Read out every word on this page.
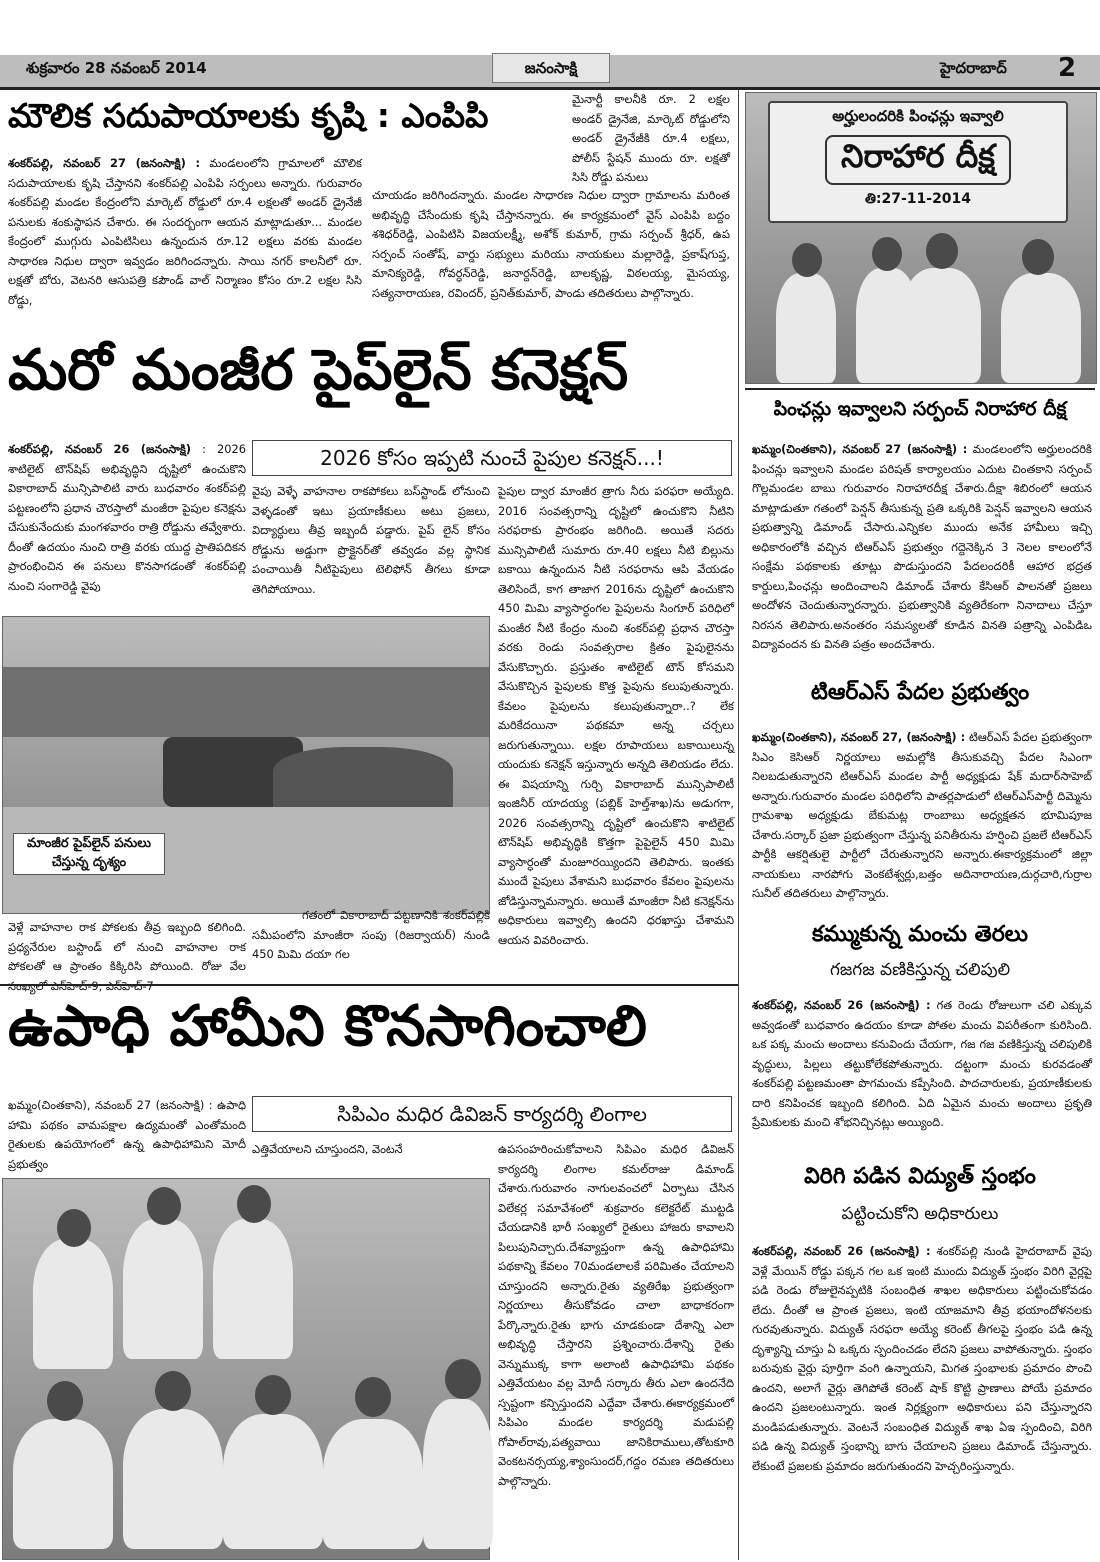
శుక్రవారం 28 నవంబర్ 2014	జనంసాక్షి	హైదరాబాద్ 2
మౌలిక సదుపాయాలకు కృషి : ఎంపిపి
శంకర్‌పల్లి, నవంబర్ 27 (జనంసాక్షి) : మండలంలోని గ్రామాలలో మౌలిక సదుపాయాలకు కృషి చేస్తానని శంకర్‌పల్లి ఎంపిపి సర్పంలు అన్నారు. గురువారం శంకర్‌పల్లి మండల కేంద్రంలోని మార్కెట్ రోడ్డులో రూ.4 లక్షలతో అండర్ డ్రైనేజీ పనులకు శంకుస్థాపన చేశారు. ఈ సందర్బంగా ఆయన మాట్లాడుతూ... మండల కేంద్రంలో ముగ్గురు ఎంపిటిసిలు ఉన్నందున రూ.12 లక్షలు వరకు మండల సాధారణ నిధుల ద్వారా ఇవ్వడం జరిగిందన్నారు. సాయి నగర్ కాలనీలో రూ. లక్షతో బోరు, వెటనరి ఆసుపత్రి కపౌండ్ వాల్ నిర్మాణం కోసం రూ.2 లక్షల సిసి రోడ్డు,
మైనార్టీ కాలనీకి రూ. 2 లక్షల అండర్ డ్రైనేజి, మార్కెట్ రోడ్డులోని అండర్ డ్రైనేజీకి రూ.4 లక్షలు, పోలీస్ స్టేషన్ ముందు రూ. లక్షతో సిసి రోడ్డు పనులు
చూయడం జరిగిందన్నారు. మండల సాధారణ నిధుల ద్వారా గ్రామాలను మరింత అభివృద్ధి చేసేందుకు కృషి చేస్తానన్నారు. ఈ కార్యక్రమంలో వైస్ ఎంపిపి బద్దం శశిధర్‌రెడ్డి, ఎంపిటిసి విజయలక్ష్మీ, అశోక్ కుమార్, గ్రామ సర్పంచ్ శ్రీధర్, ఉప సర్పంచ్ సంతోష్, వార్డు సభ్యులు మరియు నాయకులు మల్లారెడ్డి, ప్రకాష్‌గుప్త, మానిక్యరెడ్డి, గోవర్ధన్‌రెడ్డి, జనార్దన్‌రెడ్డి, బాలకృష్ణ, విఠలయ్య, మైసయ్య, సత్యనారాయణ, రవిందర్, ప్రనిత్‌కుమార్, పాండు తదితరులు పాల్గొన్నారు.
అర్హులందరికి పింఛన్లు ఇవ్వాలి
నిరాహార దీక్ష
తి:27-11-2014
పింఛన్లు ఇవ్వాలని సర్పంచ్ నిరాహార దీక్ష
ఖమ్మం(చింతకాని), నవంబర్ 27 (జనంసాక్షి) : మండలంలోని అర్హులందరికి ఫించన్లు ఇవ్వాలని మండల పరిషత్ కార్యాలయం ఎదుట చింతకాని సర్పంచ్ గొల్లమండల బాబు గురువారం నిరాహారదీక్ష చేశారు.దీక్షా శిబిరంలో ఆయన మాట్లాడుతూ గతంలో పెన్షన్ తీసుకున్న ప్రతి ఒక్కరికి పెన్షన్ ఇవ్వాలని ఆయన ప్రభుత్వాన్ని డిమాండ్ చేసారు.ఎన్నికల ముందు అనేక హామీలు ఇచ్చి అధికారంలోకి వచ్చిన టిఆర్ఎస్ ప్రభుత్వం గద్దెనెక్కిన 3 నెలల కాలంలోనే సంక్షేమ పథకాలకు తూట్లు పొడుస్తుందని పేదలందరికీ ఆహార భద్రత కార్డులు,పింఛన్లు అందించాలని డిమాండ్ చేశారు కేసిఆర్ పాలనతో ప్రజలు అందోళన చెందుతున్నారన్నారు. ప్రభుత్వానికి వ్యతిరేకంగా నినాదాలు చేస్తూ నిరసన తెలిపారు.అనంతరం సమస్యలతో కూడిన వినతి పత్రాన్ని ఎంపిడిఒ విద్యావందన కు వినతి పత్రం అందచేశారు.
టిఆర్ఎస్ పేదల ప్రభుత్వం
ఖమ్మం(చింతకాని), నవంబర్ 27, (జనంసాక్షి) : టిఆర్ఎస్ పేదల ప్రభుత్వంగా సిఎం కెసిఆర్ నిర్ణయాలు అమల్లోకి తీసుకువచ్చి పేదల సిఎంగా నిలబడుతున్నారని టిఆర్ఎస్ మండల పార్టీ అధ్యక్షుడు షేక్ మదార్‌సాహెబ్ అన్నారు.గురువారం మండల పరిధిలోని పాతర్లపాడులో టిఆర్ఎస్‌పార్టీ దిమ్మెను గ్రామశాఖ అధ్యక్షుడు బేకుమట్ల రాంబాబు అధ్యక్షతన భూమిపూజ చేశారు.సర్కార్ ప్రజా ప్రభుత్వంగా చేస్తున్న పనితీరును హర్షించి ప్రజలే టిఆర్ఎస్ పార్టీకి ఆకర్షితులై పార్టీలో చేరుతున్నారని అన్నారు.ఈకార్యక్రమంలో జిల్లా నాయకులు నారపోగు వెంకటేశ్వర్లు,బత్తం అదినారాయణ,దుర్గచారి,గుర్రాల సునీల్ తదితరులు పాల్గొన్నారు.
కమ్ముకున్న మంచు తెరలు
గజగజ వణికిస్తున్న చలిపులి
శంకర్‌పల్లి, నవంబర్ 26 (జనంసాక్షి) : గత రెండు రోజులుగా చలి ఎక్కువ అవ్వడంతో బుధవారం ఉదయం కూడా పోతల మంచు విపరీతంగా కురిసింది. ఒక పక్క మంచు అందాలు కనువిందు చేయగా, గజ గజ వణికిస్తున్న చలిపులికి వృద్ధులు, పిల్లలు తట్టుకోలేకపోతున్నారు. దట్టంగా మంచు కురవడంతో శంకర్‌పల్లి పట్టణమంతా పొగమంచు కప్పేసింది. పాదచారులకు, ప్రయాణీకులకు దారి కనిపించక ఇబ్బంది కలిగింది. ఏది ఏమైన మంచు అందాలు ప్రకృతి ప్రేమికులకు మంచి శోభనిచ్చినట్లు అయ్యింది.
విరిగి పడిన విద్యుత్ స్తంభం
పట్టించుకోని అధికారులు
శంకర్‌పల్లి, నవంబర్ 26 (జనంసాక్షి) : శంకర్‌పల్లి నుండి హైదరాబాద్ వైపు వెళ్లే మేయిన్ రోడ్డు పక్కన గల ఒక ఇంటి ముందు విద్యుత్ స్తంభం విరిగి వైర్లపై పడి రెండు రోజులైనప్పటికి సంబంధిత శాఖల అధికారులు పట్టించుకోవడం లేదు. దీంతో ఆ ప్రాంత ప్రజలు, ఇంటి యాజమాని తీవ్ర భయాందోళనలకు గురవుతున్నారు. విద్యుత్ సరఫరా అయ్యే కరెంట్ తీగలపై స్తంభం పడి ఉన్న దృశ్యాన్ని చూస్తు ఏ ఒక్కరు స్పందించడం లేదని ప్రజలు వాపోతున్నారు. స్తంభం బరువుకు వైర్లు పూర్తిగా వంగి ఉన్నాయని, మిగత స్తంభాలకు ప్రమాదం పొంచి ఉందని, అలాగే వైర్లు తెగిపోతే కరెంట్ షాక్ కొట్టి ప్రాణాలు పోయే ప్రమాదం ఉందని ప్రజలంటున్నారు. ఇంత నిర్లక్ష్యంగా అధికారులు పని చేస్తున్నారని మండిపడుతున్నారు. వెంటనే సంబంధిత విద్యుత్ శాఖ ఏఇ స్పందించి, విరిగి పడి ఉన్న విద్యుత్ స్తంభాన్ని బాగు చేయాలని ప్రజలు డిమాండ్ చేస్తున్నారు. లేకుంటే ప్రజలకు ప్రమాదం జరుగుతుందని హెచ్చరింస్తున్నారు.
మరో మంజీర పైప్‌లైన్ కనెక్షన్
2026 కోసం ఇప్పటి నుంచే పైపుల కనెక్షన్...!
శంకర్‌పల్లి, నవంబర్ 26 (జనంసాక్షి) : 2026 శాటిలైట్ టౌన్‌షిప్ అభివృద్ధిని దృష్టిలో ఉంచుకొని వికారాబాద్ మున్సిపాలిటి వారు బుధవారం శంకర్‌పల్లి పట్టణంలోని ప్రధాన చౌరస్తాలో మంజీరా పైపుల కనెక్షను చేసుకునేందుకు మంగళవారం రాత్రి రోడ్డును తవ్వేశారు. దీంతో ఉదయం నుంచి రాత్రి వరకు యుద్ద ప్రాతిపదికన ప్రారంభించిన ఈ పనులు కొనసాగడంతో శంకర్‌పల్లి నుంచి సంగారెడ్డి వైపు
వైపు వెళ్ళే వాహనాల రాకపోకలు బస్‌స్టాండ్ లోనుంచి వెళ్ళడంతో ఇటు ప్రయాణీకులు అటు ప్రజలు, విద్యార్ధులు తీవ్ర ఇబ్బందీ పడ్డారు. పైప్ లైన్ కోసం రోడ్డును అడ్డుగా ప్రొక్లైనర్‌తో తవ్వడం వల్ల స్థానిక పంచాయితీ నీటిపైపులు టెలిఫోన్ తీగలు కూడా తెగిపోయాయి.
పైపుల ద్వార మాంజీర త్రాగు నీరు పరఫరా అయ్యేది. 2016 సంవత్సరాన్ని దృష్టిలో ఉంచుకొని నీటిని సరఫరాకు ప్రారంభం జరిగింది. అయితే సదరు మున్సిపాలిటీ సుమారు రూ.40 లక్షలు నీటి బిల్లును బకాయి ఉన్నందున నీటి సరఫరాను ఆపి వేయడం తెలిసిందే, కాగ తాజాగ 2016ను దృష్టిలో ఉంచుకొని 450 మిమి వ్యాసార్ధంగల పైపులను సింగూర్ పరిధిలో మంజీర నీటి కేంద్రం నుంచి శంకర్‌పల్లి ప్రధాన చౌరస్తా వరకు రెండు సంవత్సరాల క్రితం పైపులైనను వేసుకొచ్చారు. ప్రస్తుతం శాటిలైట్ టౌన్ కోసమని వేసుకొచ్చిన పైపులకు కొత్త పైపును కలుపుతున్నారు. కేవలం పైపులను కలుపుతున్నారా..? లేక మరికేదయినా పథకమా అన్న చర్చలు జరుగుతున్నాయి. లక్షల రూపాయలు బకాయిలున్న యందుకు కనెక్షన్ ఇస్తున్నారు అన్నది తెలియడం లేదు. ఈ విషయాన్ని గుర్చి వికారాబాద్ మున్సిపాలిటీ ఇంజినీర్ యాదయ్య (పబ్లిక్ హెల్త్‌శాఖ)ను అడుగగా, 2026 సంవత్సరాన్ని దృష్టిలో ఉంచుకొని శాటిలైట్ టౌన్‌షిప్ అభివృద్ధికి కొత్తగా పైపైలైన్ 450 మిమి వ్యాసార్ధంతో మంజూరయ్యిందని తెలిపారు. ఇంతకు ముందే పైపులు వేశామని బుధవారం కేవలం పైపులను జోడిస్తున్నామన్నారు. అయితే మాంజీరా నీటి కనెక్షన్‌ను అధికారులు ఇవ్వాల్సి ఉందని ధరఖాస్తు చేశామని ఆయన వివరించారు.
మాంజీర పైప్‌లైన్ పనులు
చేస్తున్న దృశ్యం
వెళ్లే వాహనాల రాక పోకలకు తీవ్ర ఇబ్బంది కలిగింది. ప్రధ్యనేరుల బస్టాండ్ లో నుంచి వాహనాల రాక పోకలతో ఆ ప్రాంతం కిక్కిరిసి పోయింది. రోజు వేల
గతంలో వికారాబాద్ పట్టణానికి శంకర్‌పల్లికి సమీపంలోని మాంజీరా సంపు (రిజర్వాయర్) నుండి 450 మిమి దయా గల
ఉపాధి హామీని కొనసాగించాలి
సిపిఎం మధిర డివిజన్ కార్యదర్శి లింగాల
ఖమ్మం(చింతకాని), నవంబర్ 27 (జనంసాక్షి) : ఉపాధి హామి పథకం వామపక్షాల ఉద్యమంతో ఎంతోమంది రైతులకు ఉపయోగంలో ఉన్న ఉపాధిహామిని మోదీ ప్రభుత్వం
ఎత్తివేయాలని చూస్తుందని, వెంటనే	ఉపసంహరించుకోవాలని సిపిఎం మధిర డివిజన్ కార్యదర్శి లింగాల కమల్‌రాజు డిమాండ్ చేశారు.గురువారం నాగులవంచలో ఏర్పాటు చేసిన విలేకర్ల సమావేశంలో శుక్రవారం కలెక్టరేట్ ముట్టడి చేయడానికి భారీ సంఖ్యలో రైతులు హాజరు కావాలని పిలుపునిచ్చారు.దేశవ్యాప్తంగా ఉన్న ఉపాధిహామి పథకాన్ని కేవలం 70మండలాలకే పరిమితం చేయాలని చూస్తుందని అన్నారు.రైతు వ్యతిరేఖ ప్రభుత్వంగా నిర్ణయాలు తీసుకోవడం చాలా బాధాకరంగా పేర్కొన్నారు.రైతు భాగు చూడకుండా దేశాన్ని ఎలా అభివృద్ధి చేస్తారని ప్రశ్నించారు.దేశాన్ని రైతు వెన్నుముక్క కాగా అలాంటి ఉపాధిహామి పథకం ఎత్తివేయటం వల్ల మోదీ సర్కారు తీరు ఎలా ఉందనేది స్పష్టంగా కన్పిస్తుందని ఎద్దేవా చేశారు.ఈకార్యక్రమంలో సిపిఎం మండల కార్యదర్శి మడుపల్లి గోపాల్‌రావు,పత్యవాయి జానికిరాములు,తోటకూరి వెంకటనర్సయ్య,శ్యాంసుందర్,గద్దం రమణ తదితరులు పాల్గొన్నారు.
